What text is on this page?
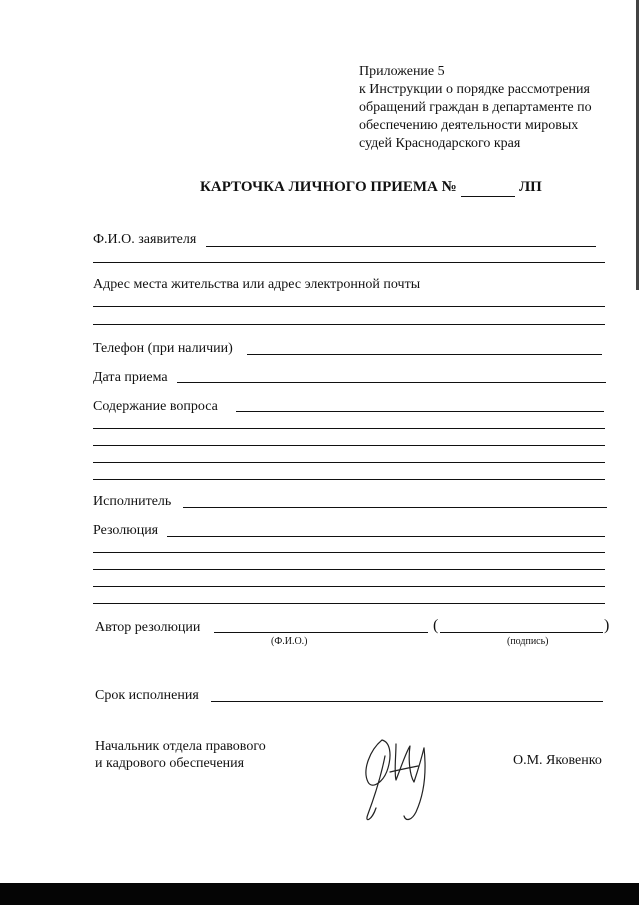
Приложение 5
к Инструкции о порядке рассмотрения
обращений граждан в департаменте по
обеспечению деятельности мировых
судей Краснодарского края
КАРТОЧКА ЛИЧНОГО ПРИЕМА №	ЛП
Ф.И.О. заявителя
Адрес места жительства или адрес электронной почты
Телефон (при наличии)
Дата приема
Содержание вопроса
Исполнитель
Резолюция
Автор резолюции	(	)
(Ф.И.О.)	(подпись)
Срок исполнения
Начальник отдела правового
и кадрового обеспечения	О.М. Яковенко
